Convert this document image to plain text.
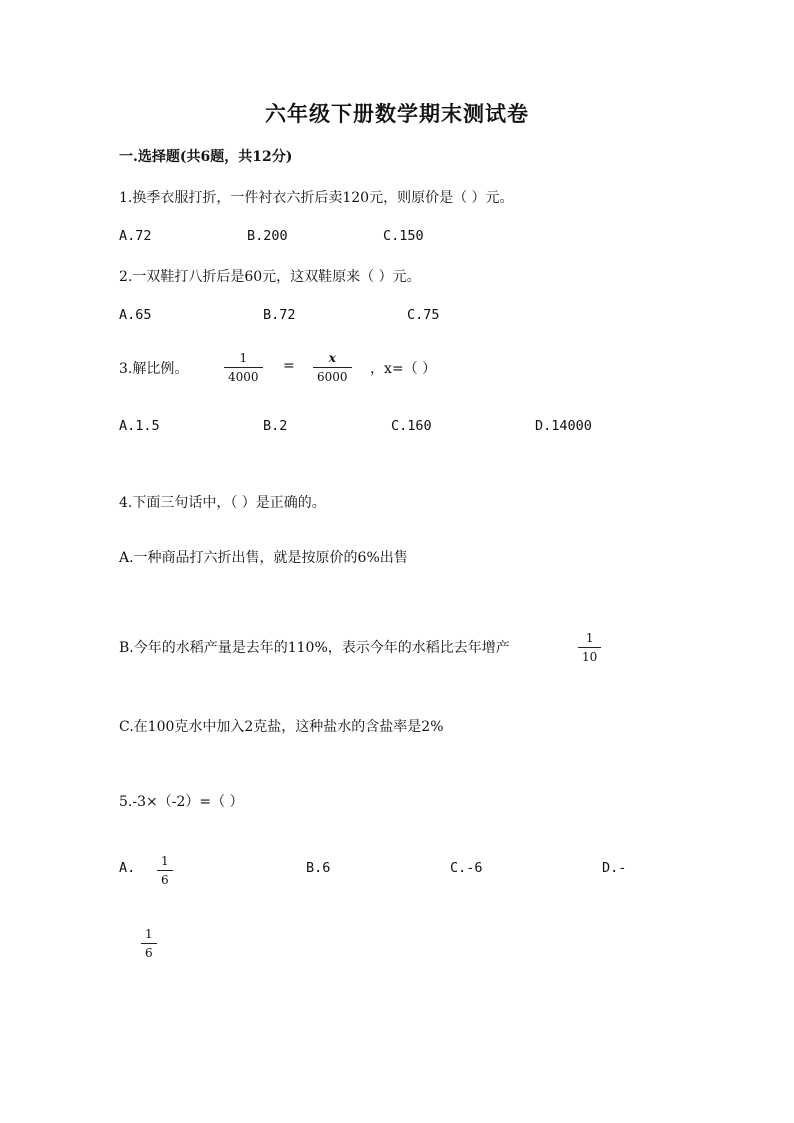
六年级下册数学期末测试卷
一.选择题(共6题，共12分)
1.换季衣服打折，一件衬衣六折后卖120元，则原价是（ ）元。
A.72	B.200	C.150
2.一双鞋打八折后是60元，这双鞋原来（ ）元。
A.65	B.72	C.75
3.解比例。
1
4000
=	x
6000 ，x=（ ）
A.1.5	B.2	C.160	D.14000
4.下面三句话中，（ ）是正确的。
A.一种商品打六折出售，就是按原价的6%出售
B.今年的水稻产量是去年的110%，表示今年的水稻比去年增产
1
10
C.在100克水中加入2克盐，这种盐水的含盐率是2%
5.-3×（-2）=（ ）
A.	1
6
B.6	C.-6	D.-
1
6
